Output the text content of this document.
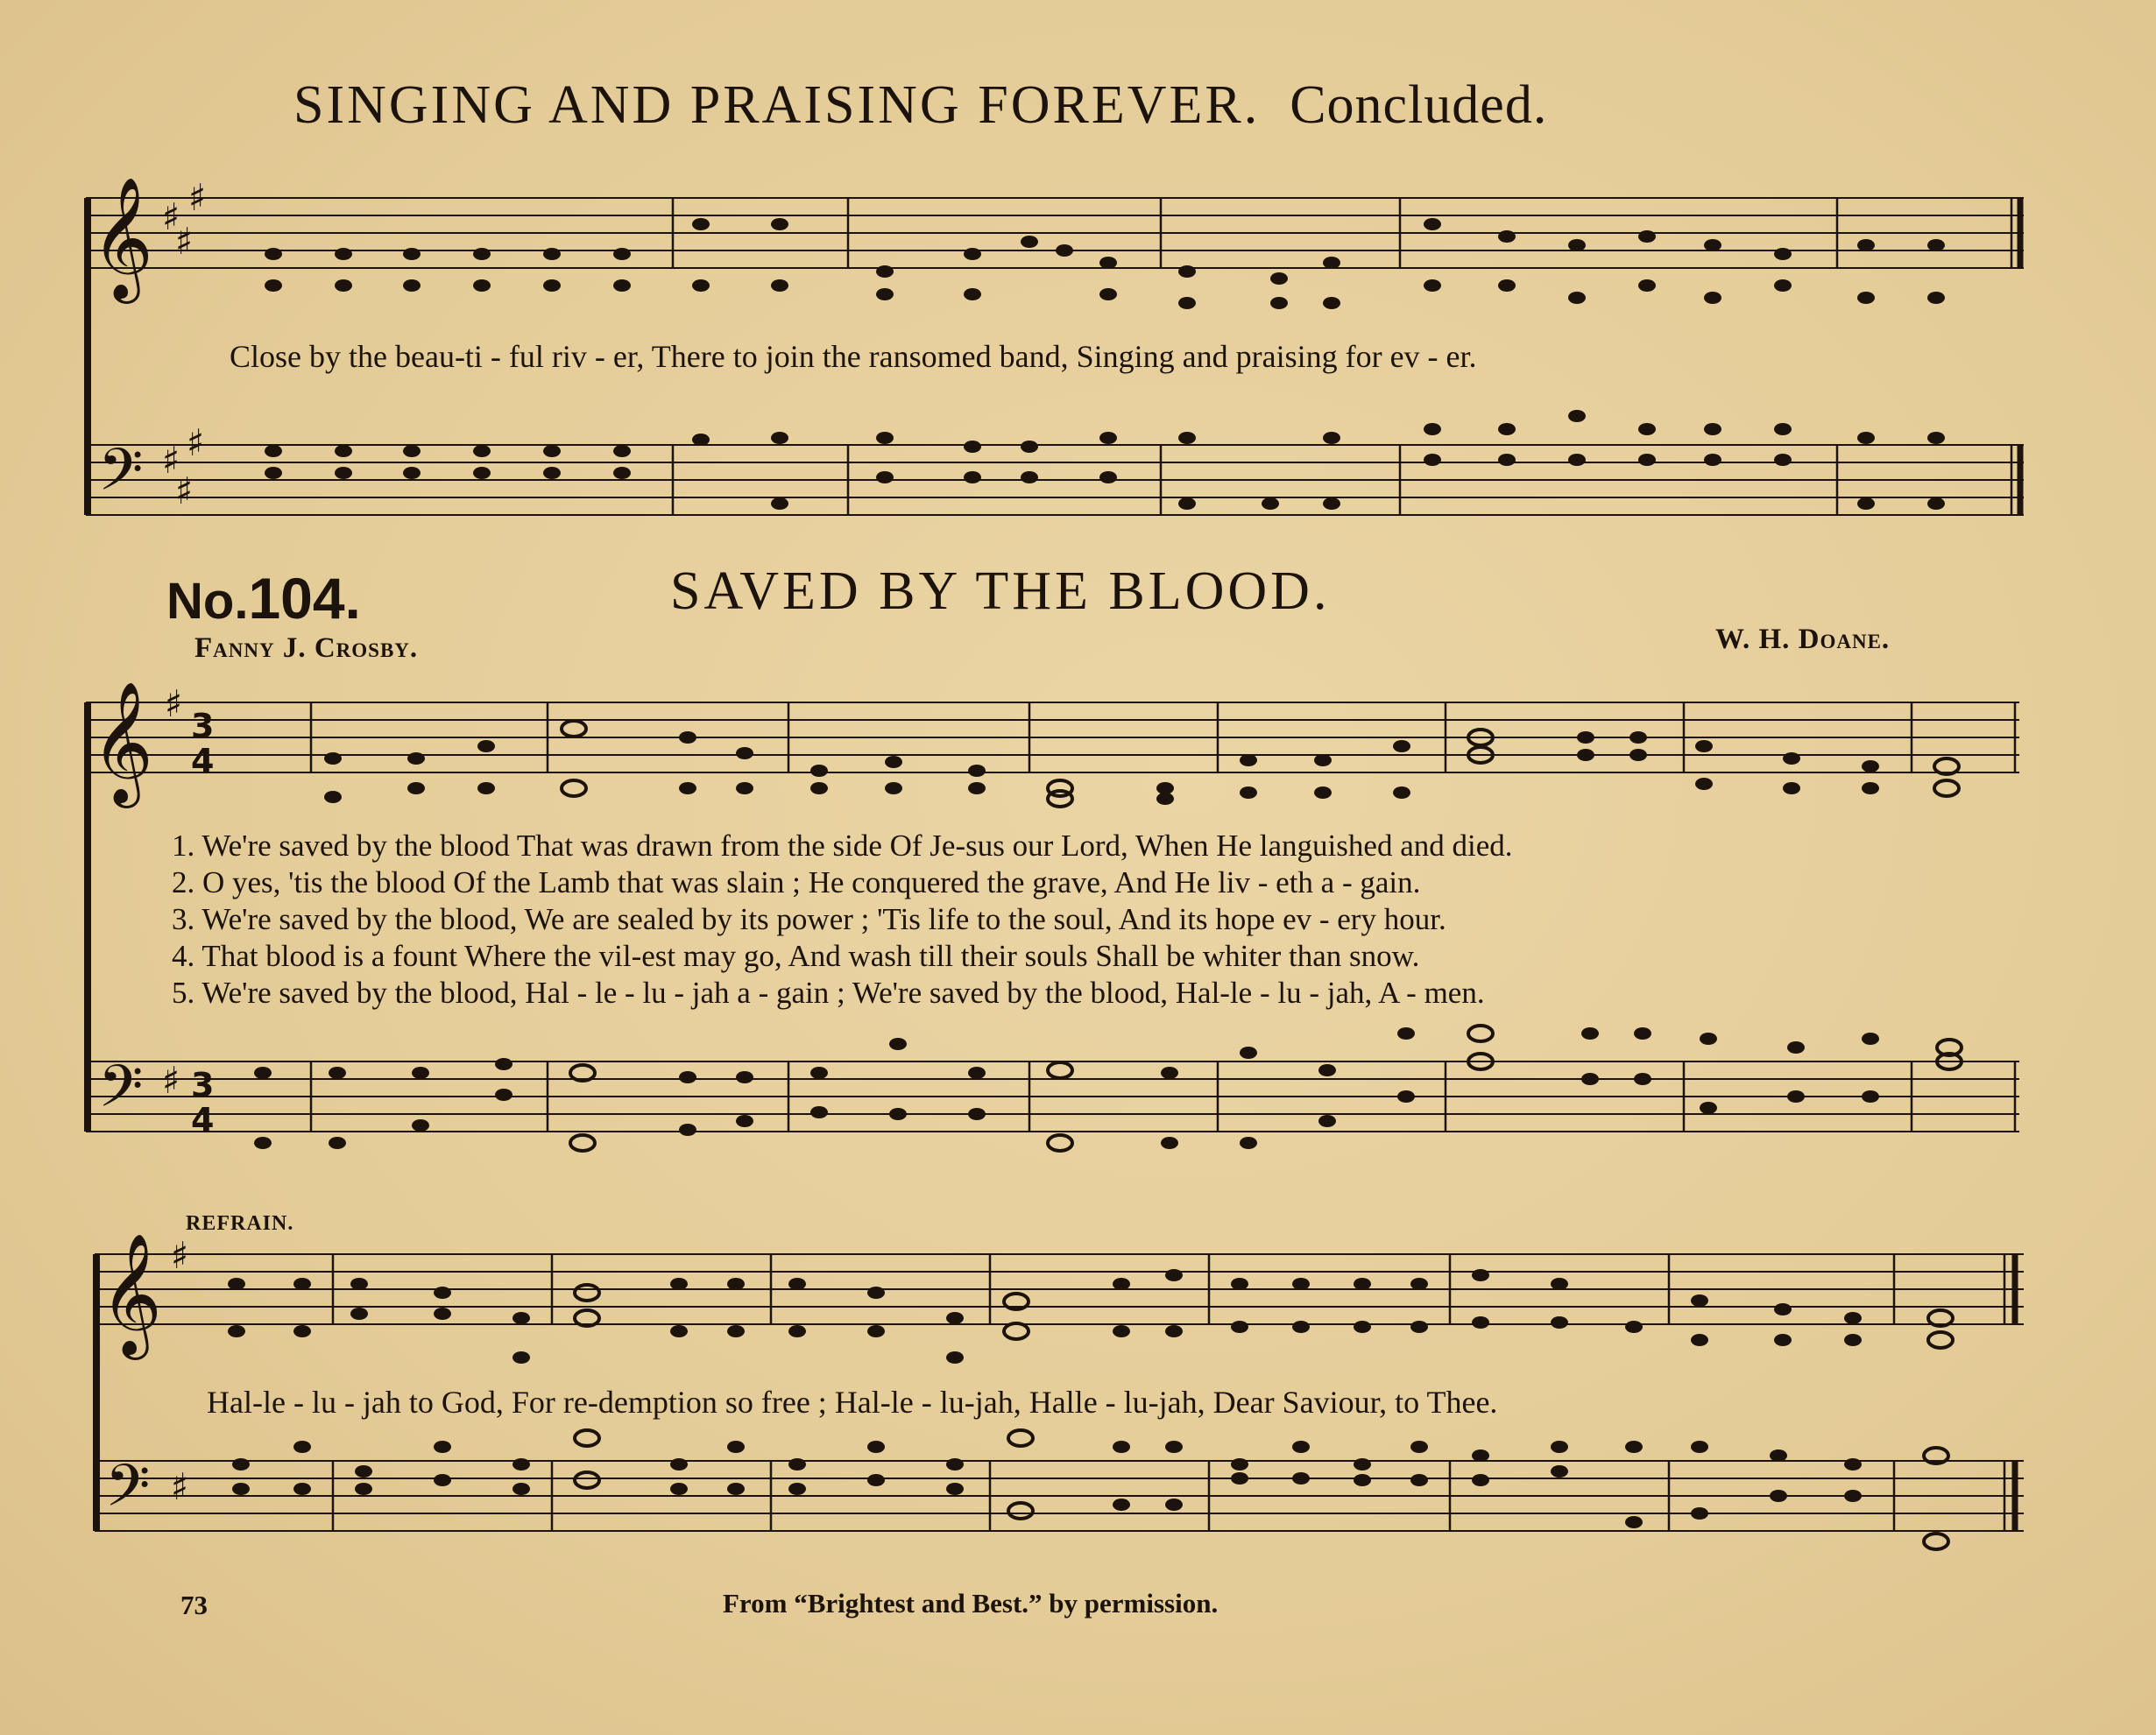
𝄞 ♯ ♯
♯
𝄢 ♯ ♯
♯
𝄞 ♯
3
4
𝄢 ♯ 3
4
𝄞 ♯
𝄢 ♯
SINGING AND PRAISING FOREVER. Concluded.
Close by the beau-ti - ful riv - er, There to join the ransomed band, Singing and praising for ev - er.
No.104.	SAVED BY THE BLOOD.
Fanny J. Crosby.	W. H. Doane.
1. We're saved by the blood That was drawn from the side Of Je-sus our Lord, When He languished and died.
2. O yes, 'tis the blood Of the Lamb that was slain ; He conquered the grave, And He liv - eth a - gain.
3. We're saved by the blood, We are sealed by its power ; 'Tis life to the soul, And its hope ev - ery hour.
4. That blood is a fount Where the vil-est may go, And wash till their souls Shall be whiter than snow.
5. We're saved by the blood, Hal - le - lu - jah a - gain ; We're saved by the blood, Hal-le - lu - jah, A - men.
REFRAIN.
Hal-le - lu - jah to God, For re-demption so free ; Hal-le - lu-jah, Halle - lu-jah, Dear Saviour, to Thee.
73	From “Brightest and Best.” by permission.
